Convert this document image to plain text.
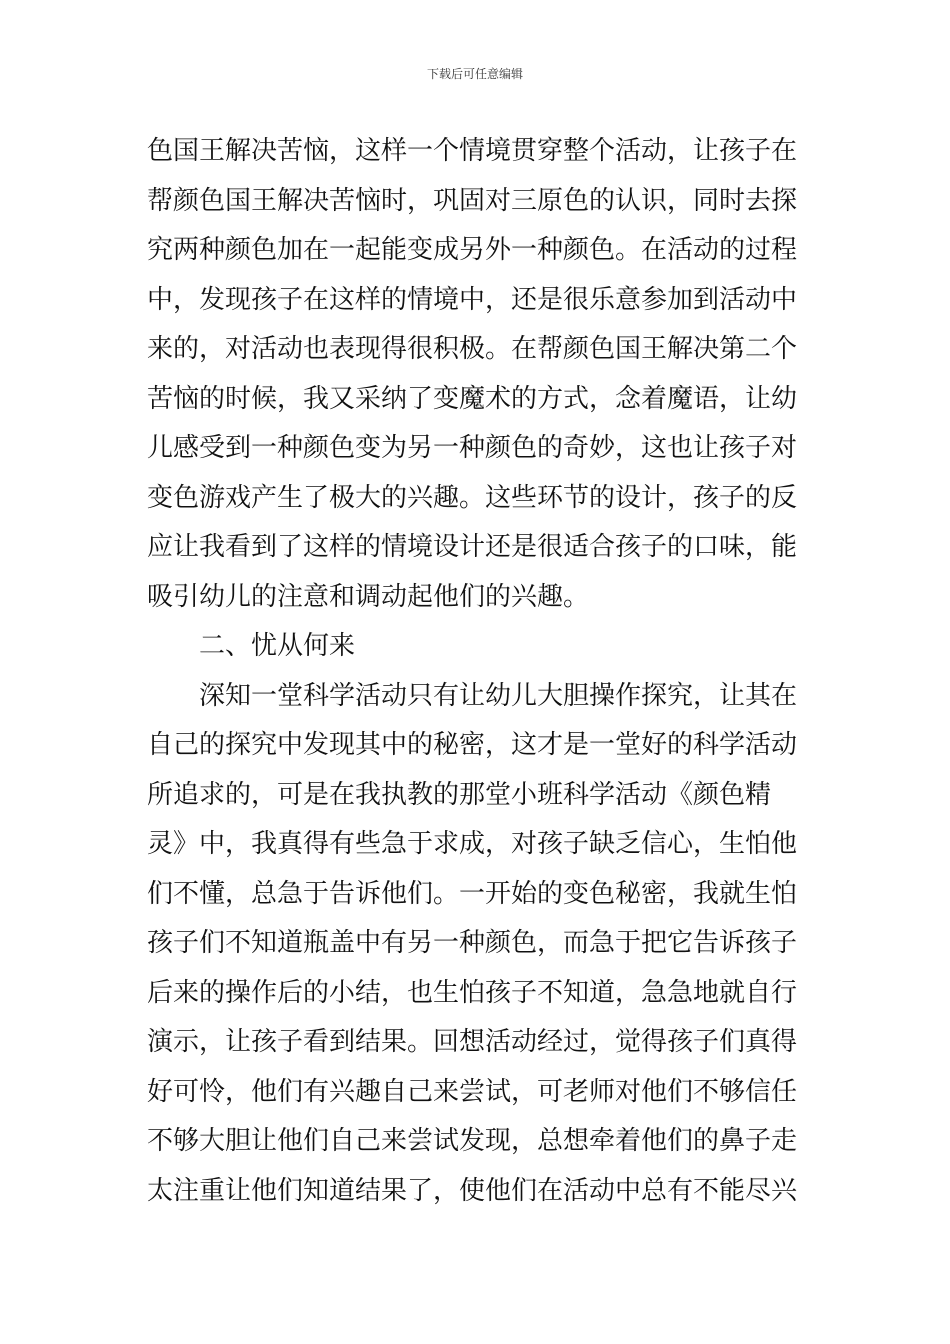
下载后可任意编辑
色国王解决苦恼，这样一个情境贯穿整个活动，让孩子在
帮颜色国王解决苦恼时，巩固对三原色的认识，同时去探
究两种颜色加在一起能变成另外一种颜色。在活动的过程
中，发现孩子在这样的情境中，还是很乐意参加到活动中
来的，对活动也表现得很积极。在帮颜色国王解决第二个
苦恼的时候，我又采纳了变魔术的方式，念着魔语，让幼
儿感受到一种颜色变为另一种颜色的奇妙，这也让孩子对
变色游戏产生了极大的兴趣。这些环节的设计，孩子的反
应让我看到了这样的情境设计还是很适合孩子的口味，能
吸引幼儿的注意和调动起他们的兴趣。
二、忧从何来
深知一堂科学活动只有让幼儿大胆操作探究，让其在
自己的探究中发现其中的秘密，这才是一堂好的科学活动
所追求的，可是在我执教的那堂小班科学活动《颜色精
灵》中，我真得有些急于求成，对孩子缺乏信心，生怕他
们不懂，总急于告诉他们。一开始的变色秘密，我就生怕
孩子们不知道瓶盖中有另一种颜色，而急于把它告诉孩子
后来的操作后的小结，也生怕孩子不知道，急急地就自行
演示，让孩子看到结果。回想活动经过，觉得孩子们真得
好可怜，他们有兴趣自己来尝试，可老师对他们不够信任
不够大胆让他们自己来尝试发现，总想牵着他们的鼻子走
太注重让他们知道结果了，使他们在活动中总有不能尽兴
